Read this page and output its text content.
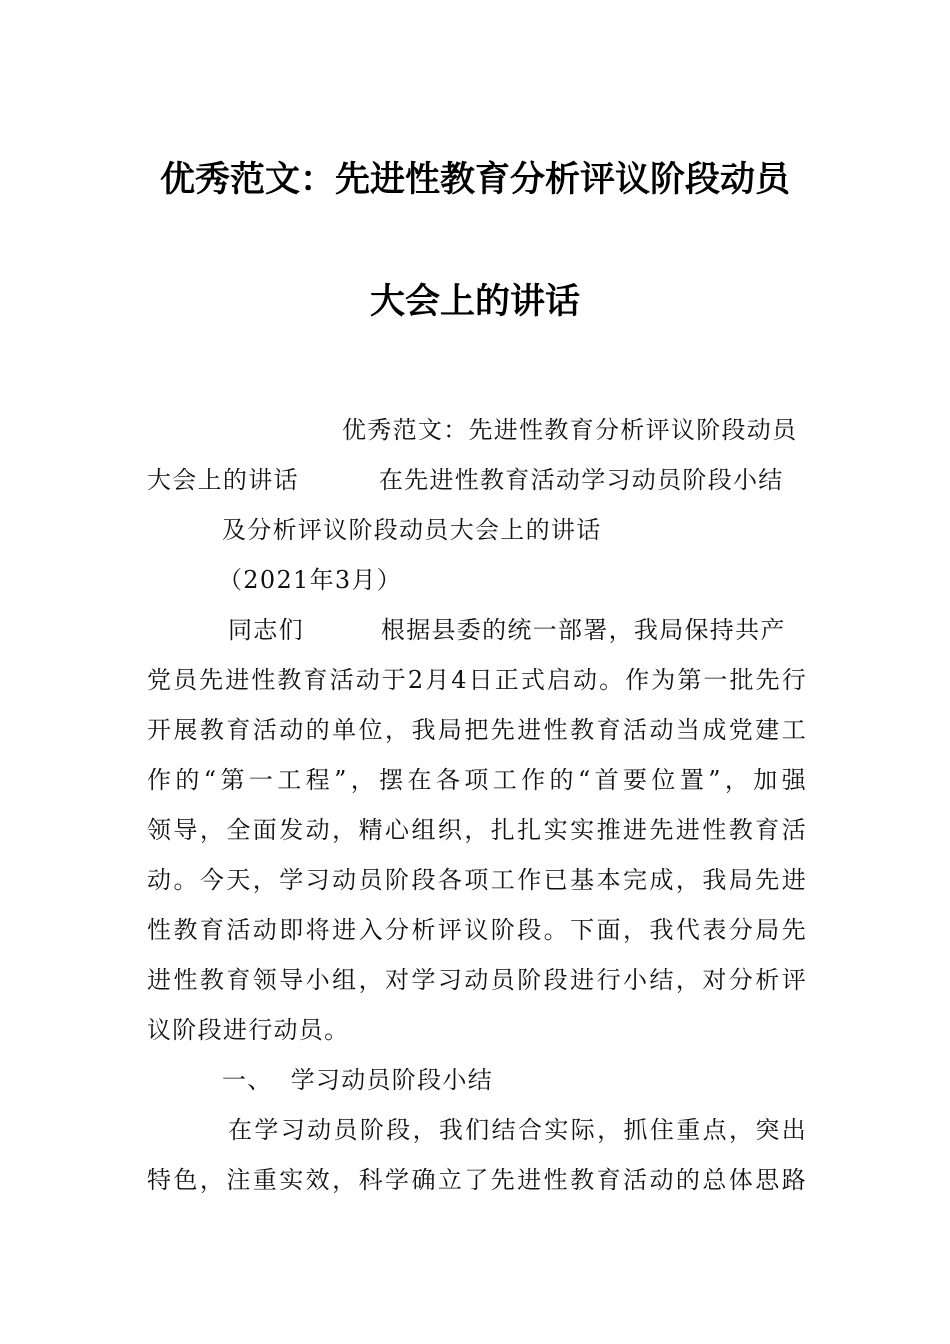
优秀范文：先进性教育分析评议阶段动员
大会上的讲话
优秀范文：先进性教育分析评议阶段动员
大会上的讲话	在先进性教育活动学习动员阶段小结
及分析评议阶段动员大会上的讲话
（2021年3月）
同志们	根据县委的统一部署，我局保持共产
党员先进性教育活动于2月4日正式启动。作为第一批先行
开展教育活动的单位，我局把先进性教育活动当成党建工
作的“第一工程”，摆在各项工作的“首要位置”，加强
领导，全面发动，精心组织，扎扎实实推进先进性教育活
动。今天，学习动员阶段各项工作已基本完成，我局先进
性教育活动即将进入分析评议阶段。下面，我代表分局先
进性教育领导小组，对学习动员阶段进行小结，对分析评
议阶段进行动员。
一、 学习动员阶段小结
在学习动员阶段，我们结合实际，抓住重点，突出
特色，注重实效，科学确立了先进性教育活动的总体思路
